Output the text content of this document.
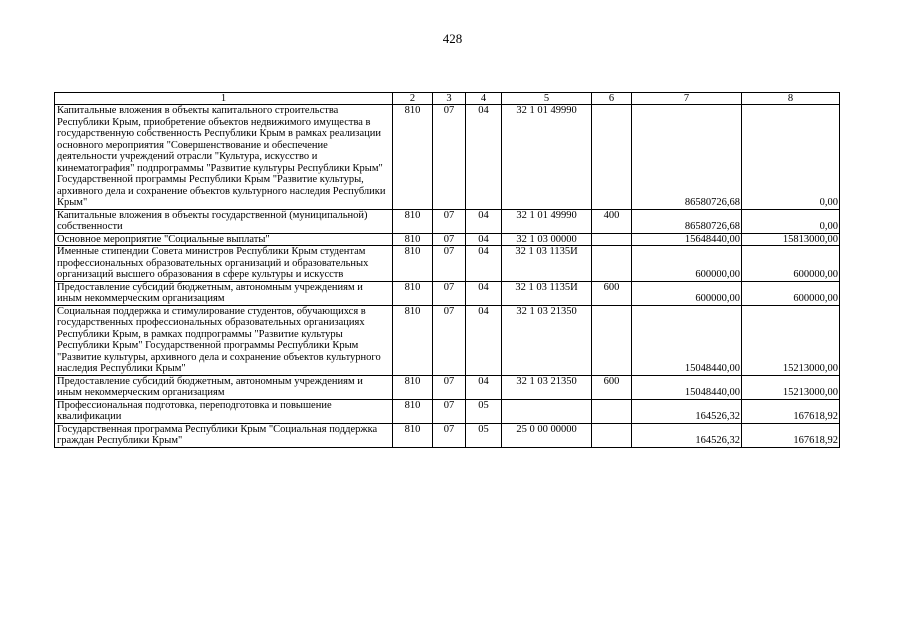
428
1	2	3	4	5	6	7	8
Капитальные вложения в объекты капитального строительства Республики Крым, приобретение объектов недвижимого имущества в государственную собственность Республики Крым в рамках реализации основного мероприятия "Совершенствование и обеспечение деятельности учреждений отрасли "Культура, искусство и кинематография" подпрограммы "Развитие культуры Республики Крым" Государственной программы Республики Крым "Развитие культуры, архивного дела и сохранение объектов культурного наследия Республики Крым"	810	07	04	32 1 01 49990		86580726,68	0,00
Капитальные вложения в объекты государственной (муниципальной) собственности	810	07	04	32 1 01 49990	400	86580726,68	0,00
Основное мероприятие "Социальные выплаты"	810	07	04	32 1 03 00000		15648440,00	15813000,00
Именные стипендии Совета министров Республики Крым студентам профессиональных образовательных организаций и образовательных организаций высшего образования в сфере культуры и искусств	810	07	04	32 1 03 1135И		600000,00	600000,00
Предоставление субсидий бюджетным, автономным учреждениям и иным некоммерческим организациям	810	07	04	32 1 03 1135И	600	600000,00	600000,00
Социальная поддержка и стимулирование студентов, обучающихся в государственных профессиональных образовательных организациях Республики Крым, в рамках подпрограммы "Развитие культуры Республики Крым" Государственной программы Республики Крым "Развитие культуры, архивного дела и сохранение объектов культурного наследия Республики Крым"	810	07	04	32 1 03 21350		15048440,00	15213000,00
Предоставление субсидий бюджетным, автономным учреждениям и иным некоммерческим организациям	810	07	04	32 1 03 21350	600	15048440,00	15213000,00
Профессиональная подготовка, переподготовка и повышение квалификации	810	07	05			164526,32	167618,92
Государственная программа Республики Крым "Социальная поддержка граждан Республики Крым"	810	07	05	25 0 00 00000		164526,32	167618,92
